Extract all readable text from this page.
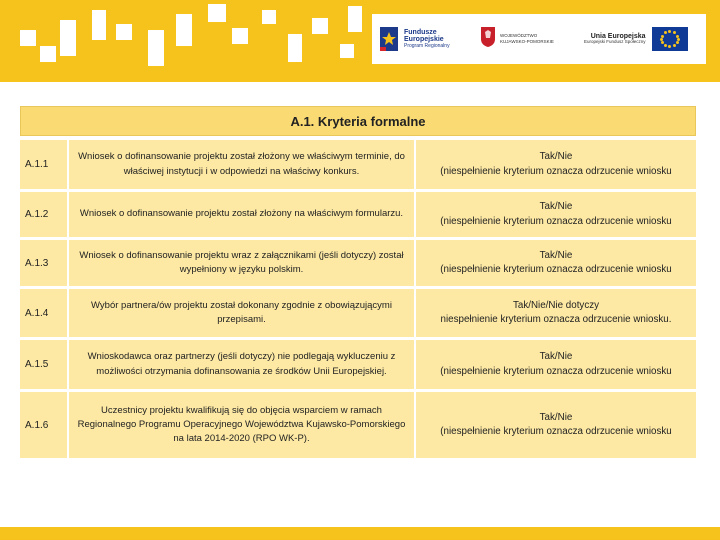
Fundusze
Europejskie
Program Regionalny
WOJEWÓDZTWO
KUJAWSKO-POMORSKIE
Unia Europejska
Europejski Fundusz Społeczny
A.1. Kryteria formalne
A.1.1
Wniosek o dofinansowanie projektu został złożony we właściwym terminie, do właściwej instytucji i w odpowiedzi na właściwy konkurs.
Tak/Nie
(niespełnienie kryterium oznacza odrzucenie wniosku
A.1.2	Wniosek o dofinansowanie projektu został złożony na właściwym formularzu.
Tak/Nie
(niespełnienie kryterium oznacza odrzucenie wniosku
A.1.3
Wniosek o dofinansowanie projektu wraz z załącznikami (jeśli dotyczy) został wypełniony w języku polskim.
Tak/Nie
(niespełnienie kryterium oznacza odrzucenie wniosku
A.1.4
Wybór partnera/ów projektu został dokonany zgodnie z obowiązującymi przepisami.
Tak/Nie/Nie dotyczy
niespełnienie kryterium oznacza odrzucenie wniosku.
A.1.5
Wnioskodawca oraz partnerzy (jeśli dotyczy) nie podlegają wykluczeniu z możliwości otrzymania dofinansowania ze środków Unii Europejskiej.
Tak/Nie
(niespełnienie kryterium oznacza odrzucenie wniosku
A.1.6
Uczestnicy projektu kwalifikują się do objęcia wsparciem w ramach Regionalnego Programu Operacyjnego Województwa Kujawsko-Pomorskiego na lata 2014-2020 (RPO WK-P).
Tak/Nie
(niespełnienie kryterium oznacza odrzucenie wniosku
